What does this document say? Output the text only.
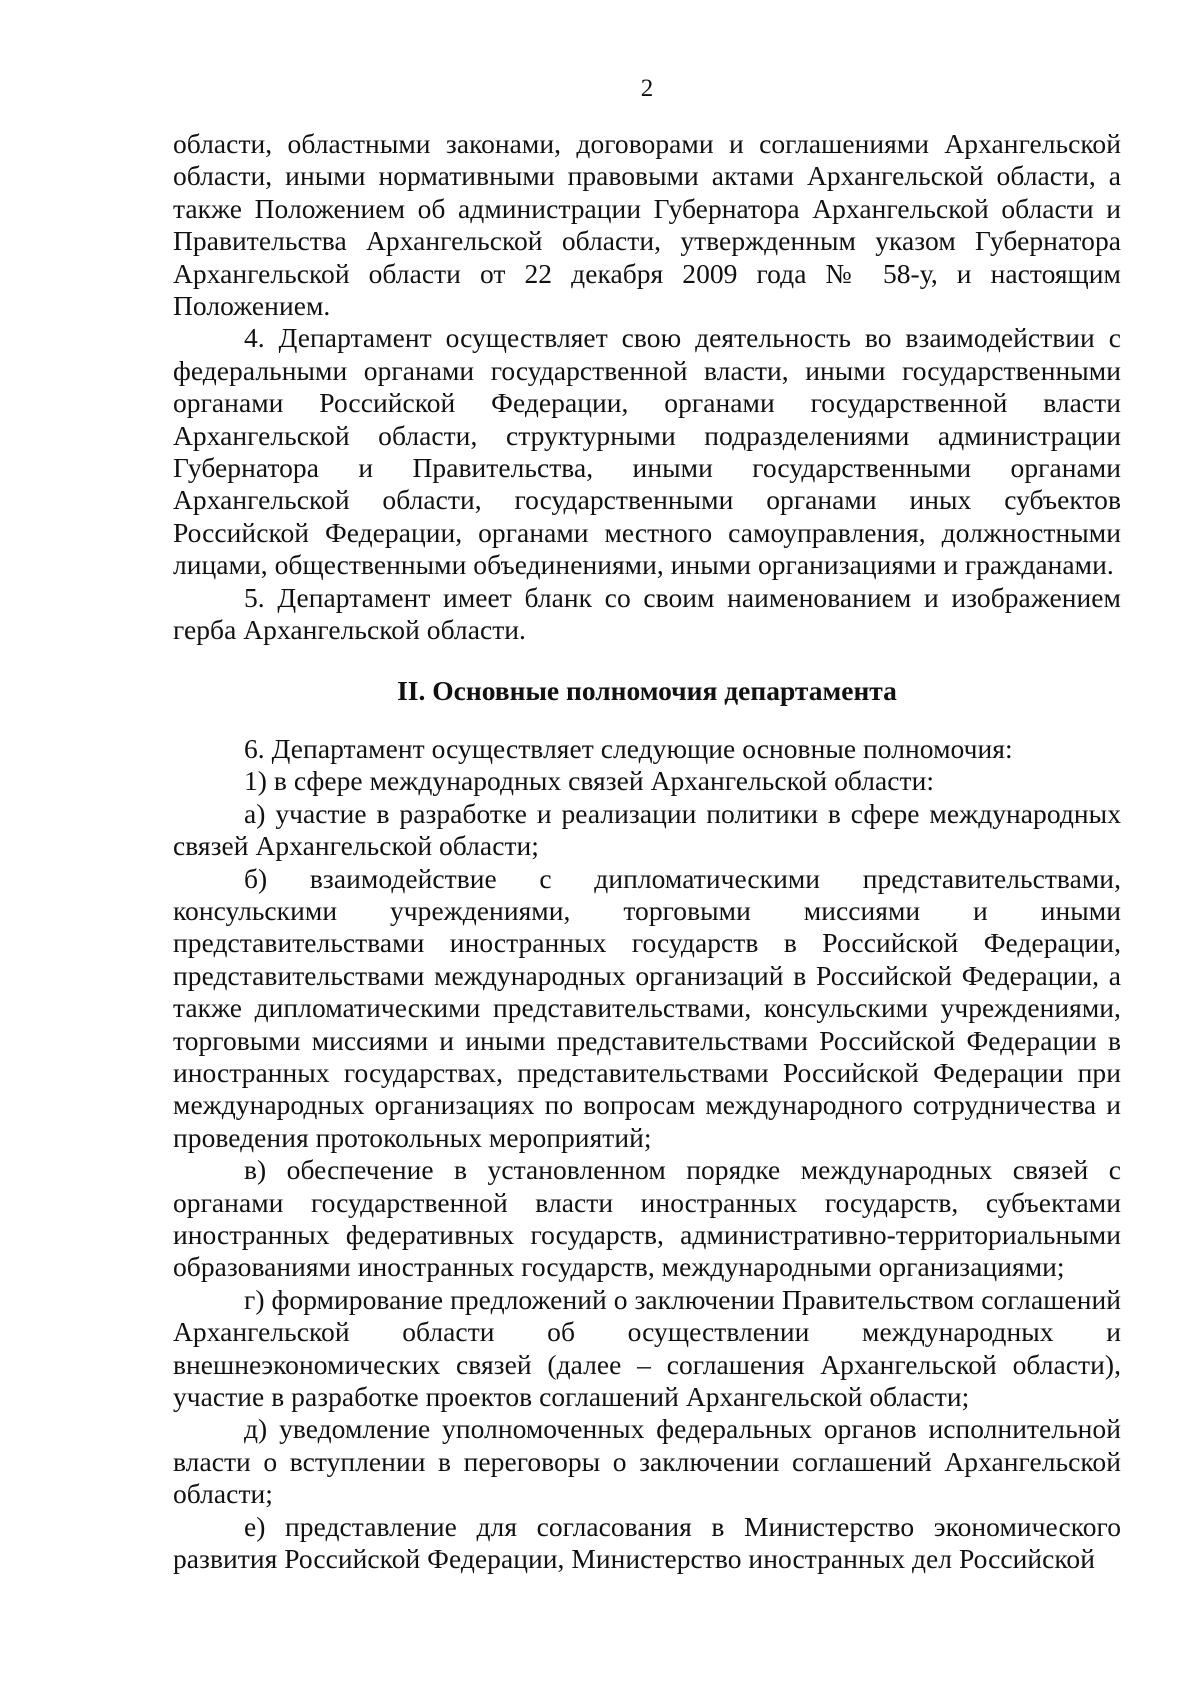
2

области, областными законами, договорами и соглашениями Архангельской области, иными нормативными правовыми актами Архангельской области, а также Положением об администрации Губернатора Архангельской области и Правительства Архангельской области, утвержденным указом Губернатора Архангельской области от 22 декабря 2009 года № 58-у, и настоящим Положением.

4. Департамент осуществляет свою деятельность во взаимодействии с федеральными органами государственной власти, иными государственными органами Российской Федерации, органами государственной власти Архангельской области, структурными подразделениями администрации Губернатора и Правительства, иными государственными органами Архангельской области, государственными органами иных субъектов Российской Федерации, органами местного самоуправления, должностными лицами, общественными объединениями, иными организациями и гражданами.

5. Департамент имеет бланк со своим наименованием и изображением герба Архангельской области.

II. Основные полномочия департамента

6. Департамент осуществляет следующие основные полномочия:

1) в сфере международных связей Архангельской области:

а) участие в разработке и реализации политики в сфере международных связей Архангельской области;

б) взаимодействие с дипломатическими представительствами, консульскими учреждениями, торговыми миссиями и иными представительствами иностранных государств в Российской Федерации, представительствами международных организаций в Российской Федерации, а также дипломатическими представительствами, консульскими учреждениями, торговыми миссиями и иными представительствами Российской Федерации в иностранных государствах, представительствами Российской Федерации при международных организациях по вопросам международного сотрудничества и проведения протокольных мероприятий;

в) обеспечение в установленном порядке международных связей с органами государственной власти иностранных государств, субъектами иностранных федеративных государств, административно-территориальными образованиями иностранных государств, международными организациями;

г) формирование предложений о заключении Правительством соглашений Архангельской области об осуществлении международных и внешнеэкономических связей (далее – соглашения Архангельской области), участие в разработке проектов соглашений Архангельской области;

д) уведомление уполномоченных федеральных органов исполнительной власти о вступлении в переговоры о заключении соглашений Архангельской области;

е) представление для согласования в Министерство экономического развития Российской Федерации, Министерство иностранных дел Российской
